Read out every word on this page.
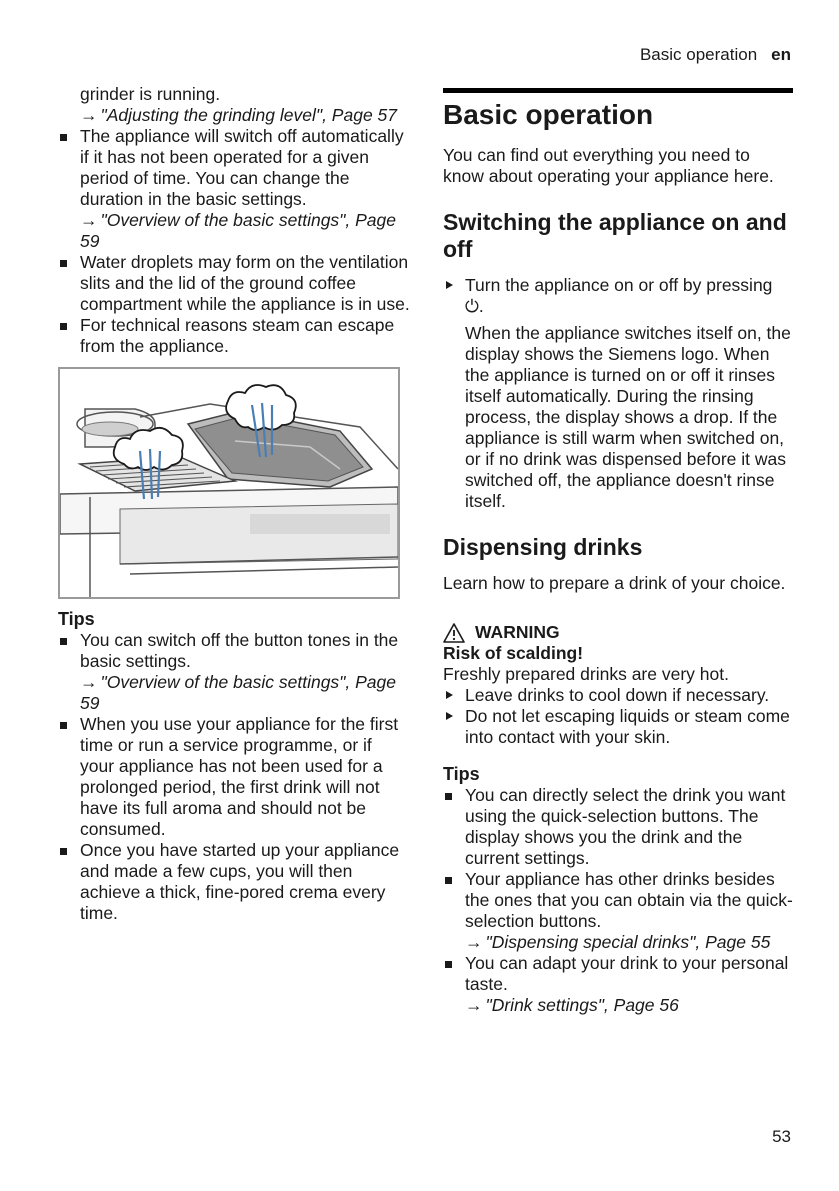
Basic operation en

grinder is running.

→ "Adjusting the grinding level", Page 57
The appliance will switch off automatically if it has not been operated for a given period of time. You can change the duration in the basic settings.
→ "Overview of the basic settings", Page 59
Water droplets may form on the ventilation slits and the lid of the ground coffee compartment while the appliance is in use.
For technical reasons steam can escape from the appliance.

Tips

You can switch off the button tones in the basic settings.
→ "Overview of the basic settings", Page 59
When you use your appliance for the first time or run a service programme, or if your appliance has not been used for a prolonged period, the first drink will not have its full aroma and should not be consumed.
Once you have started up your appliance and made a few cups, you will then achieve a thick, fine-pored crema every time.
Basic operation

You can find out everything you need to know about operating your appliance here.

Switching the appliance on and off
Turn the appliance on or off by pressing ⏻.

When the appliance switches itself on, the display shows the Siemens logo. When the appliance is turned on or off it rinses itself automatically. During the rinsing process, the display shows a drop. If the appliance is still warm when switched on, or if no drink was dispensed before it was switched off, the appliance doesn't rinse itself.

Dispensing drinks

Learn how to prepare a drink of your choice.

WARNING

Risk of scalding!

Freshly prepared drinks are very hot.

Leave drinks to cool down if necessary.
Do not let escaping liquids or steam come into contact with your skin.

Tips

You can directly select the drink you want using the quick-selection buttons. The display shows you the drink and the current settings.
Your appliance has other drinks besides the ones that you can obtain via the quick-selection buttons.
→ "Dispensing special drinks", Page 55
You can adapt your drink to your personal taste.
→ "Drink settings", Page 56
53
